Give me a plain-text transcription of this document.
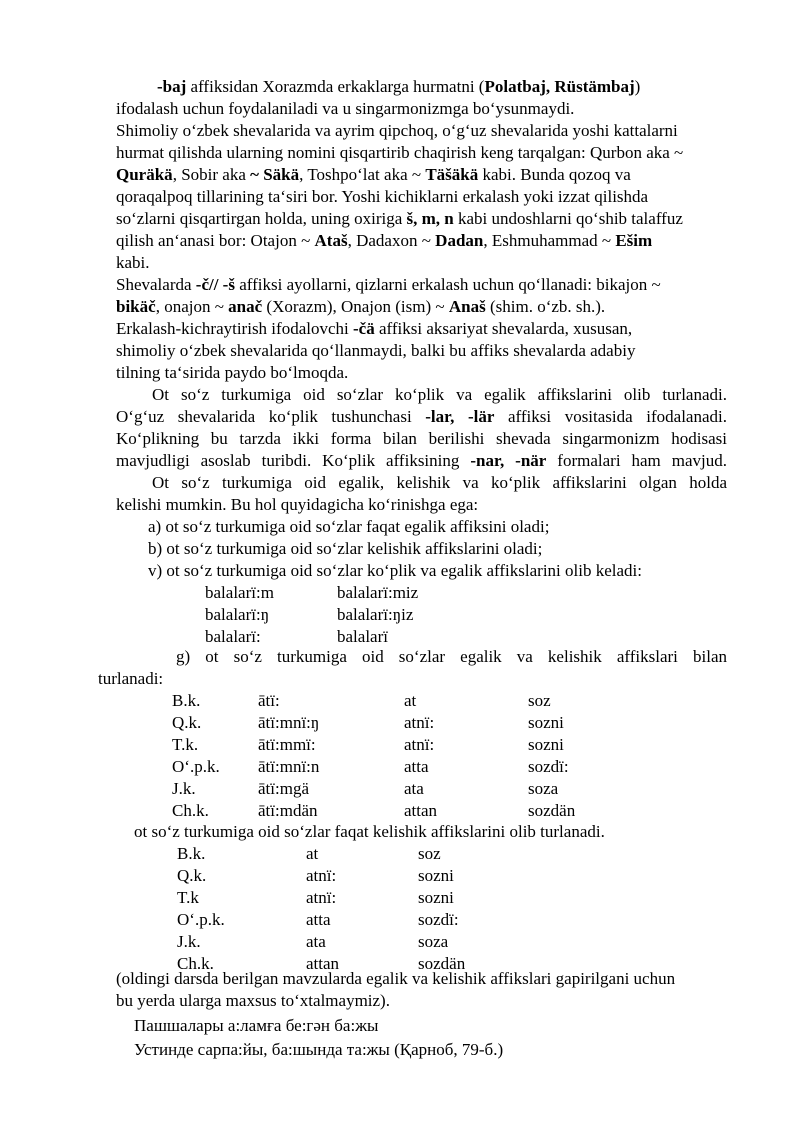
-baj affiksidan Xorazmda erkaklarga hurmatni (Polatbaj, Rüstämbaj)
ifodalash uchun foydalaniladi va u singarmonizmga bo‘ysunmaydi.
Shimoliy o‘zbek shevalarida va ayrim qipchoq, o‘g‘uz shevalarida yoshi kattalarni
hurmat qilishda ularning nomini qisqartirib chaqirish keng tarqalgan: Qurbon aka ~
Quräkä, Sobir aka ~ Säkä, Toshpo‘lat aka ~ Täšäkä kabi. Bunda qozoq va
qoraqalpoq tillarining ta‘siri bor. Yoshi kichiklarni erkalash yoki izzat qilishda
so‘zlarni qisqartirgan holda, uning oxiriga š, m, n kabi undoshlarni qo‘shib talaffuz
qilish an‘anasi bor: Otajon ~ Ataš, Dadaxon ~ Dadan, Eshmuhammad ~ Ešim
kabi.
Shevalarda -č// -š affiksi ayollarni, qizlarni erkalash uchun qo‘llanadi: bikajon ~
bikäč, onajon ~ anač (Xorazm), Onajon (ism) ~ Anaš (shim. o‘zb. sh.).
Erkalash-kichraytirish ifodalovchi -čä affiksi aksariyat shevalarda, xususan,
shimoliy o‘zbek shevalarida qo‘llanmaydi, balki bu affiks shevalarda adabiy
tilning ta‘sirida paydo bo‘lmoqda.
Ot so‘z turkumiga oid so‘zlar ko‘plik va egalik affikslarini olib turlanadi.
O‘g‘uz shevalarida ko‘plik tushunchasi -lar, -lär affiksi vositasida ifodalanadi.
Ko‘plikning bu tarzda ikki forma bilan berilishi shevada singarmonizm hodisasi
mavjudligi asoslab turibdi. Ko‘plik affiksining -nar, -när formalari ham mavjud.
Ot so‘z turkumiga oid egalik, kelishik va ko‘plik affikslarini olgan holda
kelishi mumkin. Bu hol quyidagicha ko‘rinishga ega:
a) ot so‘z turkumiga oid so‘zlar faqat egalik affiksini oladi;
b) ot so‘z turkumiga oid so‘zlar kelishik affikslarini oladi;
v) ot so‘z turkumiga oid so‘zlar ko‘plik va egalik affikslarini olib keladi:
g) ot so‘z turkumiga oid so‘zlar egalik va kelishik affikslari bilan
turlanadi:
ot so‘z turkumiga oid so‘zlar faqat kelishik affikslarini olib turlanadi.
(oldingi darsda berilgan mavzularda egalik va kelishik affikslari gapirilgani uchun
bu yerda ularga maxsus to‘xtalmaymiz).
Пашшалары а:ламға бе:гән ба:жы
Устинде сарпа:йы, ба:шында та:жы (Қарноб, 79-б.)
balalarï:m	balalarï:miz
balalarï:ŋ	balalarï:ŋiz
balalarï:	balalarï
B.k.	ātï:	at	soz
Q.k.	ātï:mnï:ŋ	atnï:	sozni
T.k.	ātï:mmï:	atnï:	sozni
O‘.p.k. ātï:mnï:n	atta	sozdï:
J.k.	ātï:mgä	ata	soza
Ch.k.	ātï:mdän	attan	sozdän
B.k.	at	soz
Q.k.	atnï:	sozni
T.k	atnï:	sozni
O‘.p.k.	atta	sozdï:
J.k.	ata	soza
Ch.k.	attan	sozdän
